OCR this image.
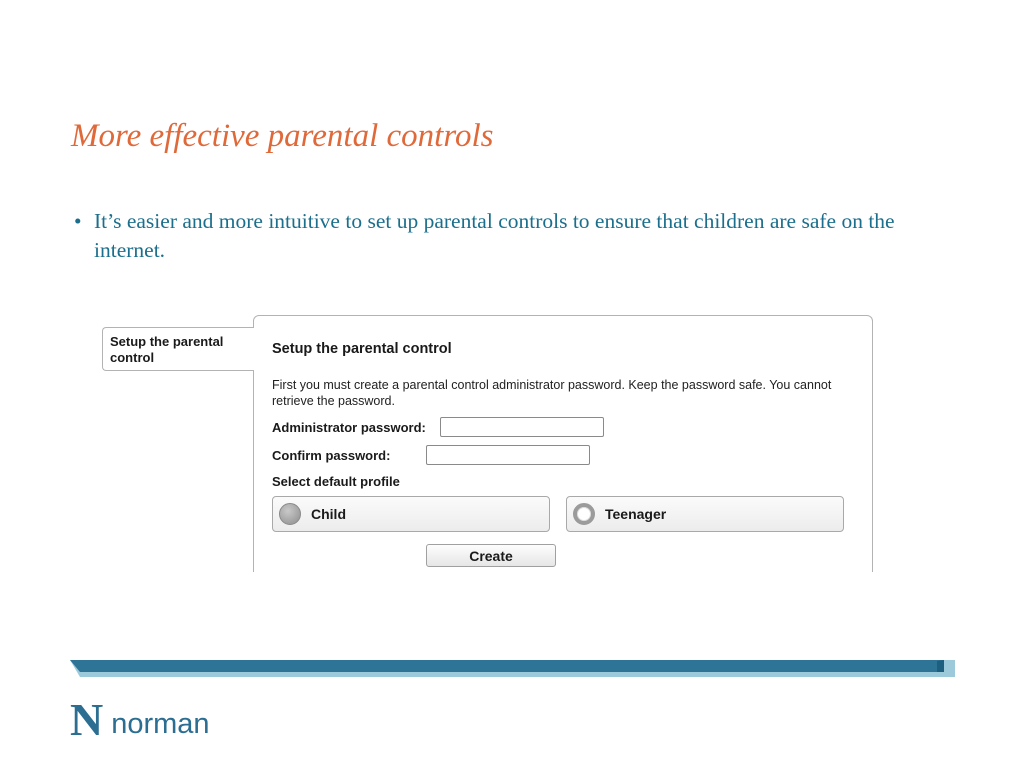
More effective parental controls
• It’s easier and more intuitive to set up parental controls to ensure that children are safe on the internet.
Setup the parental control
Setup the parental control
First you must create a parental control administrator password. Keep the password safe. You cannot retrieve the password.
Administrator password:
Confirm password:
Select default profile
Child	Teenager
Create
N norman
